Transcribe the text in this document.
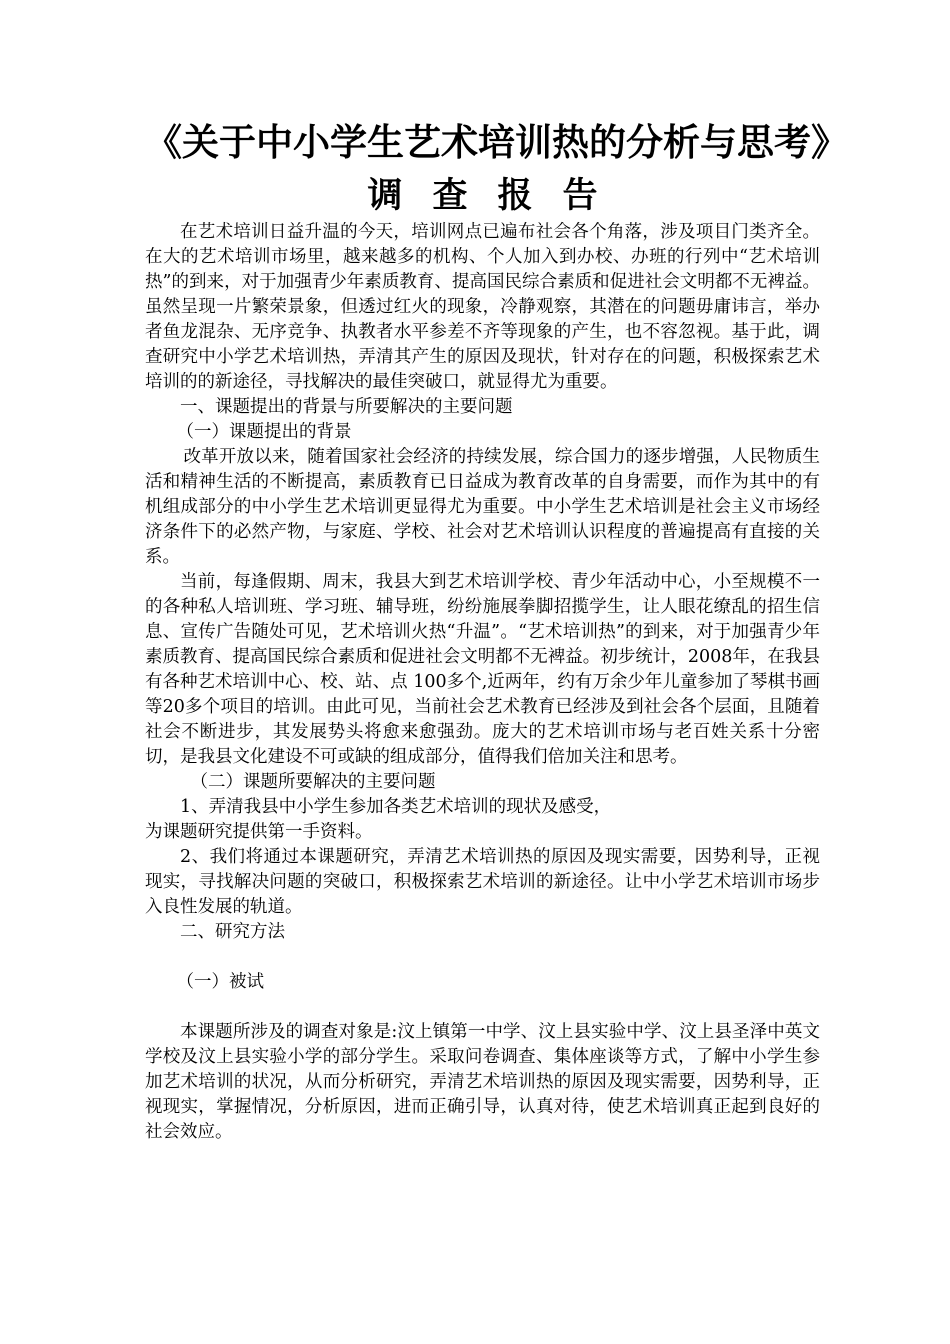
《关于中小学生艺术培训热的分析与思考》
调查报告

在艺术培训日益升温的今天，培训网点已遍布社会各个角落，涉及项目门类齐全。在大的艺术培训市场里，越来越多的机构、个人加入到办校、办班的行列中“艺术培训热”的到来，对于加强青少年素质教育、提高国民综合素质和促进社会文明都不无裨益。虽然呈现一片繁荣景象，但透过红火的现象，冷静观察，其潜在的问题毋庸讳言，举办者鱼龙混杂、无序竞争、执教者水平参差不齐等现象的产生，也不容忽视。基于此，调查研究中小学艺术培训热，弄清其产生的原因及现状，针对存在的问题，积极探索艺术培训的的新途径，寻找解决的最佳突破口，就显得尤为重要。

一、课题提出的背景与所要解决的主要问题

（一）课题提出的背景

改革开放以来，随着国家社会经济的持续发展，综合国力的逐步增强，人民物质生活和精神生活的不断提高，素质教育已日益成为教育改革的自身需要，而作为其中的有机组成部分的中小学生艺术培训更显得尤为重要。中小学生艺术培训是社会主义市场经济条件下的必然产物，与家庭、学校、社会对艺术培训认识程度的普遍提高有直接的关系。

当前，每逢假期、周末，我县大到艺术培训学校、青少年活动中心，小至规模不一的各种私人培训班、学习班、辅导班，纷纷施展拳脚招揽学生，让人眼花缭乱的招生信息、宣传广告随处可见，艺术培训火热“升温”。“艺术培训热”的到来，对于加强青少年素质教育、提高国民综合素质和促进社会文明都不无裨益。初步统计，2008年，在我县有各种艺术培训中心、校、站、点 100多个,近两年，约有万余少年儿童参加了琴棋书画等20多个项目的培训。由此可见，当前社会艺术教育已经涉及到社会各个层面，且随着社会不断进步，其发展势头将愈来愈强劲。庞大的艺术培训市场与老百姓关系十分密切，是我县文化建设不可或缺的组成部分，值得我们倍加关注和思考。

（二）课题所要解决的主要问题

1、弄清我县中小学生参加各类艺术培训的现状及感受，

为课题研究提供第一手资料。

2、我们将通过本课题研究，弄清艺术培训热的原因及现实需要，因势利导，正视现实，寻找解决问题的突破口，积极探索艺术培训的新途径。让中小学艺术培训市场步入良性发展的轨道。

二、研究方法

（一）被试

本课题所涉及的调查对象是:汶上镇第一中学、汶上县实验中学、汶上县圣泽中英文学校及汶上县实验小学的部分学生。采取问卷调查、集体座谈等方式，了解中小学生参加艺术培训的状况，从而分析研究，弄清艺术培训热的原因及现实需要，因势利导，正视现实，掌握情况，分析原因，进而正确引导，认真对待，使艺术培训真正起到良好的社会效应。
